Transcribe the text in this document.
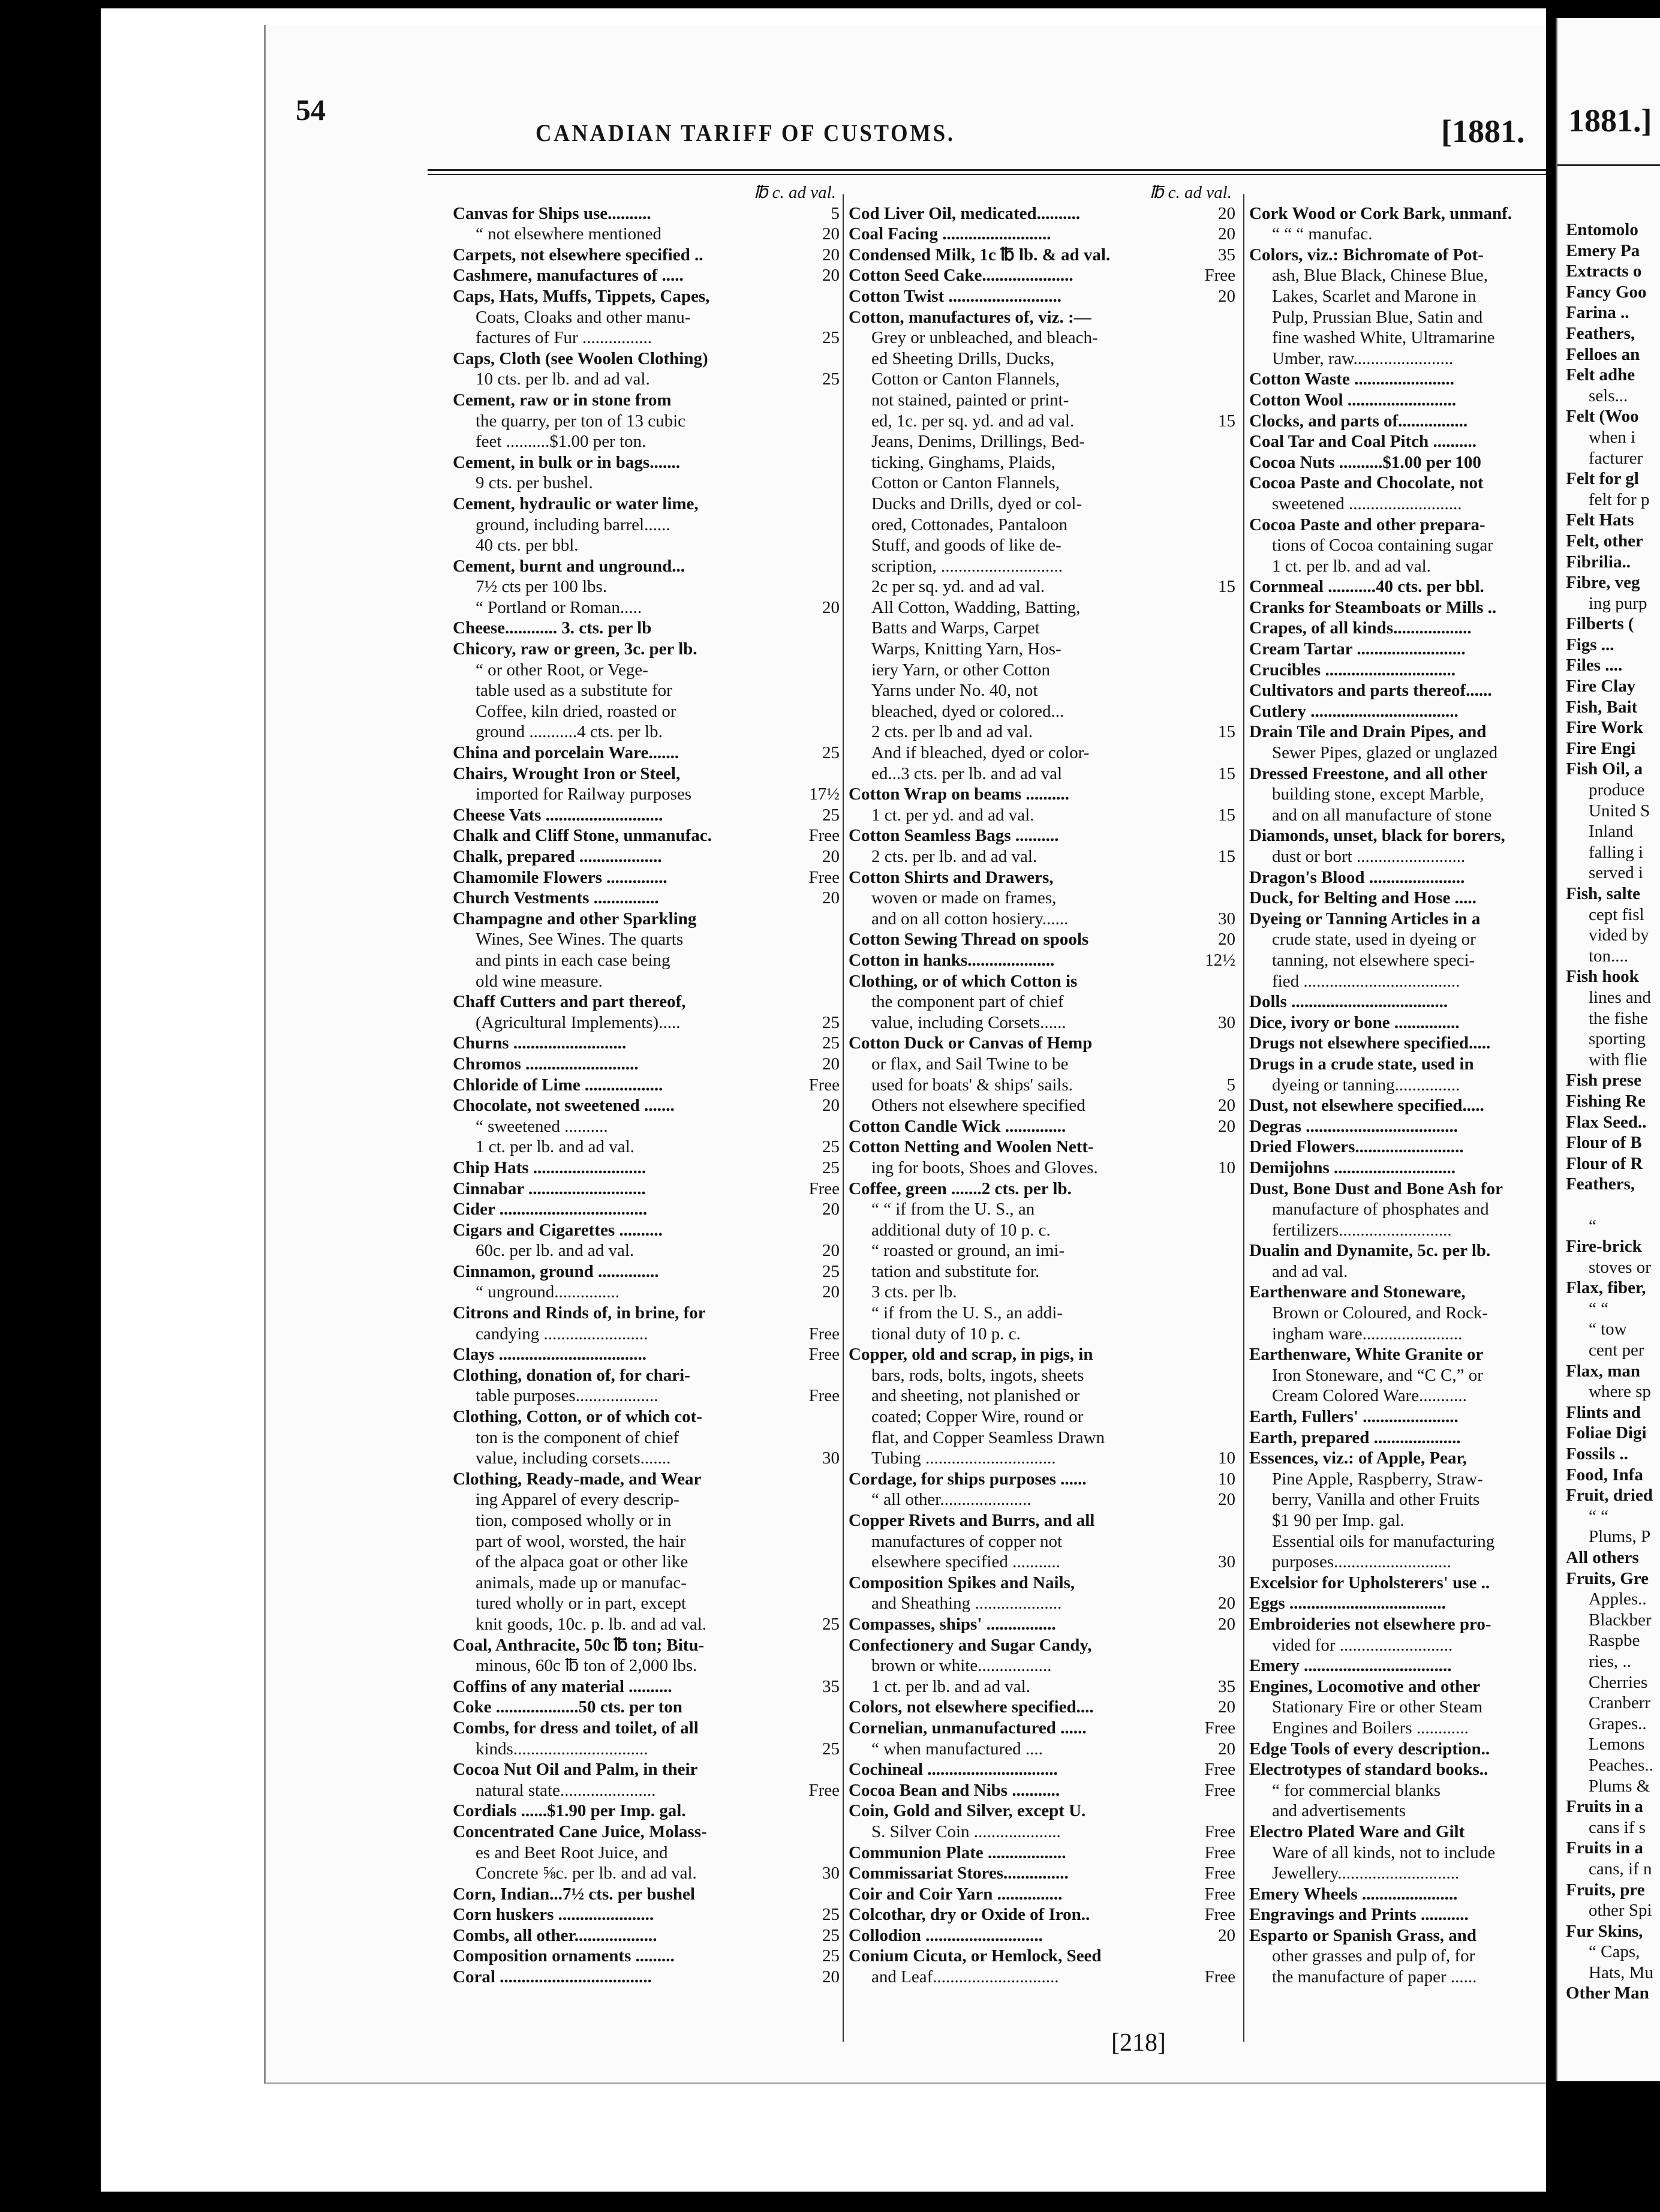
54
CANADIAN TARIFF OF CUSTOMS.	[1881.
℔ c. ad val.
5
Canvas for Ships use..........
20
“ not elsewhere mentioned
20
Carpets, not elsewhere specified ..
20
Cashmere, manufactures of .....
Caps, Hats, Muffs, Tippets, Capes,
Coats, Cloaks and other manu-
25
factures of Fur ................
Caps, Cloth (see Woolen Clothing)
25
10 cts. per lb. and ad val.
Cement, raw or in stone from
the quarry, per ton of 13 cubic
feet ..........$1.00 per ton.
Cement, in bulk or in bags.......
9 cts. per bushel.
Cement, hydraulic or water lime,
ground, including barrel......
40 cts. per bbl.
Cement, burnt and unground...
7½ cts per 100 lbs.
20
“ Portland or Roman.....
Cheese............ 3. cts. per lb
Chicory, raw or green, 3c. per lb.
“ or other Root, or Vege-
table used as a substitute for
Coffee, kiln dried, roasted or
ground ...........4 cts. per lb.
25
China and porcelain Ware.......
Chairs, Wrought Iron or Steel,
17½
imported for Railway purposes
25
Cheese Vats ...........................
Free
Chalk and Cliff Stone, unmanufac.
20
Chalk, prepared ...................
Free
Chamomile Flowers ..............
20
Church Vestments ...............
Champagne and other Sparkling
Wines, See Wines. The quarts
and pints in each case being
old wine measure.
Chaff Cutters and part thereof,
25
(Agricultural Implements).....
25
Churns ..........................
20
Chromos ..........................
Free
Chloride of Lime ..................
20
Chocolate, not sweetened .......
“ sweetened ..........
25
1 ct. per lb. and ad val.
25
Chip Hats ..........................
Free
Cinnabar ...........................
20
Cider ..................................
Cigars and Cigarettes ..........
20
60c. per lb. and ad val.
25
Cinnamon, ground ..............
20
“ unground...............
Citrons and Rinds of, in brine, for
Free
candying ........................
Free
Clays ..................................
Clothing, donation of, for chari-
Free
table purposes...................
Clothing, Cotton, or of which cot-
ton is the component of chief
30
value, including corsets.......
Clothing, Ready-made, and Wear
ing Apparel of every descrip-
tion, composed wholly or in
part of wool, worsted, the hair
of the alpaca goat or other like
animals, made up or manufac-
tured wholly or in part, except
25
knit goods, 10c. p. lb. and ad val.
Coal, Anthracite, 50c ℔ ton; Bitu-
minous, 60c ℔ ton of 2,000 lbs.
35
Coffins of any material ..........
Coke ...................50 cts. per ton
Combs, for dress and toilet, of all
25
kinds...............................
Cocoa Nut Oil and Palm, in their
Free
natural state......................
Cordials ......$1.90 per Imp. gal.
Concentrated Cane Juice, Molass-
es and Beet Root Juice, and
30
Concrete ⅝c. per lb. and ad val.
Corn, Indian...7½ cts. per bushel
25
Corn huskers ......................
25
Combs, all other...................
25
Composition ornaments .........
20
Coral ...................................
℔ c. ad val.
20
Cod Liver Oil, medicated..........
20
Coal Facing .........................
35
Condensed Milk, 1c ℔ lb. & ad val.
Free
Cotton Seed Cake.....................
20
Cotton Twist ..........................
Cotton, manufactures of, viz. :—
Grey or unbleached, and bleach-
ed Sheeting Drills, Ducks,
Cotton or Canton Flannels,
not stained, painted or print-
15
ed, 1c. per sq. yd. and ad val.
Jeans, Denims, Drillings, Bed-
ticking, Ginghams, Plaids,
Cotton or Canton Flannels,
Ducks and Drills, dyed or col-
ored, Cottonades, Pantaloon
Stuff, and goods of like de-
scription, ............................
15
2c per sq. yd. and ad val.
All Cotton, Wadding, Batting,
Batts and Warps, Carpet
Warps, Knitting Yarn, Hos-
iery Yarn, or other Cotton
Yarns under No. 40, not
bleached, dyed or colored...
15
2 cts. per lb and ad val.
And if bleached, dyed or color-
15
ed...3 cts. per lb. and ad val
Cotton Wrap on beams ..........
15
1 ct. per yd. and ad val.
Cotton Seamless Bags ..........
15
2 cts. per lb. and ad val.
Cotton Shirts and Drawers,
woven or made on frames,
30
and on all cotton hosiery......
20
Cotton Sewing Thread on spools
12½
Cotton in hanks....................
Clothing, or of which Cotton is
the component part of chief
30
value, including Corsets......
Cotton Duck or Canvas of Hemp
or flax, and Sail Twine to be
5
used for boats' & ships' sails.
20
Others not elsewhere specified
20
Cotton Candle Wick ..............
Cotton Netting and Woolen Nett-
10
ing for boots, Shoes and Gloves.
Coffee, green .......2 cts. per lb.
“ “ if from the U. S., an
additional duty of 10 p. c.
“ roasted or ground, an imi-
tation and substitute for.
3 cts. per lb.
“ if from the U. S., an addi-
tional duty of 10 p. c.
Copper, old and scrap, in pigs, in
bars, rods, bolts, ingots, sheets
and sheeting, not planished or
coated; Copper Wire, round or
flat, and Copper Seamless Drawn
10
Tubing ..............................
10
Cordage, for ships purposes ......
20
“ all other.....................
Copper Rivets and Burrs, and all
manufactures of copper not
30
elsewhere specified ...........
Composition Spikes and Nails,
20
and Sheathing ....................
20
Compasses, ships' ................
Confectionery and Sugar Candy,
brown or white.................
35
1 ct. per lb. and ad val.
20
Colors, not elsewhere specified....
Free
Cornelian, unmanufactured ......
20
“ when manufactured ....
Free
Cochineal ..............................
Free
Cocoa Bean and Nibs ...........
Coin, Gold and Silver, except U.
Free
S. Silver Coin ....................
Free
Communion Plate ..................
Free
Commissariat Stores...............
Free
Coir and Coir Yarn ...............
Free
Colcothar, dry or Oxide of Iron..
20
Collodion ...........................
Conium Cicuta, or Hemlock, Seed
Free
and Leaf.............................
Cork Wood or Cork Bark, unmanf.
“ “ “ manufac.
Colors, viz.: Bichromate of Pot-
ash, Blue Black, Chinese Blue,
Lakes, Scarlet and Marone in
Pulp, Prussian Blue, Satin and
fine washed White, Ultramarine
Umber, raw.......................
Cotton Waste .......................
Cotton Wool .........................
Clocks, and parts of................
Coal Tar and Coal Pitch ..........
Cocoa Nuts ..........$1.00 per 100
Cocoa Paste and Chocolate, not
sweetened ..........................
Cocoa Paste and other prepara-
tions of Cocoa containing sugar
1 ct. per lb. and ad val.
Cornmeal ...........40 cts. per bbl.
Cranks for Steamboats or Mills ..
Crapes, of all kinds..................
Cream Tartar .........................
Crucibles ..............................
Cultivators and parts thereof......
Cutlery ..................................
Drain Tile and Drain Pipes, and
Sewer Pipes, glazed or unglazed
Dressed Freestone, and all other
building stone, except Marble,
and on all manufacture of stone
Diamonds, unset, black for borers,
dust or bort .........................
Dragon's Blood ......................
Duck, for Belting and Hose .....
Dyeing or Tanning Articles in a
crude state, used in dyeing or
tanning, not elsewhere speci-
fied ....................................
Dolls ....................................
Dice, ivory or bone ...............
Drugs not elsewhere specified.....
Drugs in a crude state, used in
dyeing or tanning...............
Dust, not elsewhere specified.....
Degras ...................................
Dried Flowers.........................
Demijohns ............................
Dust, Bone Dust and Bone Ash for
manufacture of phosphates and
fertilizers..........................
Dualin and Dynamite, 5c. per lb.
and ad val.
Earthenware and Stoneware,
Brown or Coloured, and Rock-
ingham ware.......................
Earthenware, White Granite or
Iron Stoneware, and “C C,” or
Cream Colored Ware...........
Earth, Fullers' ......................
Earth, prepared ....................
Essences, viz.: of Apple, Pear,
Pine Apple, Raspberry, Straw-
berry, Vanilla and other Fruits
$1 90 per Imp. gal.
Essential oils for manufacturing
purposes...........................
Excelsior for Upholsterers' use ..
Eggs ....................................
Embroideries not elsewhere pro-
vided for ..........................
Emery ..................................
Engines, Locomotive and other
Stationary Fire or other Steam
Engines and Boilers ............
Edge Tools of every description..
Electrotypes of standard books..
“ for commercial blanks
and advertisements
Electro Plated Ware and Gilt
Ware of all kinds, not to include
Jewellery............................
Emery Wheels ......................
Engravings and Prints ...........
Esparto or Spanish Grass, and
other grasses and pulp of, for
the manufacture of paper ......
[218]
1881.]
Entomolo
Emery Pa
Extracts o
Fancy Goo
Farina ..
Feathers,
Felloes an
Felt adhe
sels...
Felt (Woo
when i
facturer
Felt for gl
felt for p
Felt Hats
Felt, other
Fibrilia..
Fibre, veg
ing purp
Filberts (
Figs ...
Files ....
Fire Clay
Fish, Bait
Fire Work
Fire Engi
Fish Oil, a
produce
United S
Inland
falling i
served i
Fish, salte
cept fisl
vided by
ton....
Fish hook
lines and
the fishe
sporting
with flie
Fish prese
Fishing Re
Flax Seed..
Flour of B
Flour of R
Feathers,
“
Fire-brick
stoves or
Flax, fiber,
“ “
“ tow
cent per
Flax, man
where sp
Flints and
Foliae Digi
Fossils ..
Food, Infa
Fruit, dried
“ “
Plums, P
All others
Fruits, Gre
Apples..
Blackber
Raspbe
ries, ..
Cherries
Cranberr
Grapes..
Lemons
Peaches..
Plums &
Fruits in a
cans if s
Fruits in a
cans, if n
Fruits, pre
other Spi
Fur Skins,
“ Caps,
Hats, Mu
Other Man
